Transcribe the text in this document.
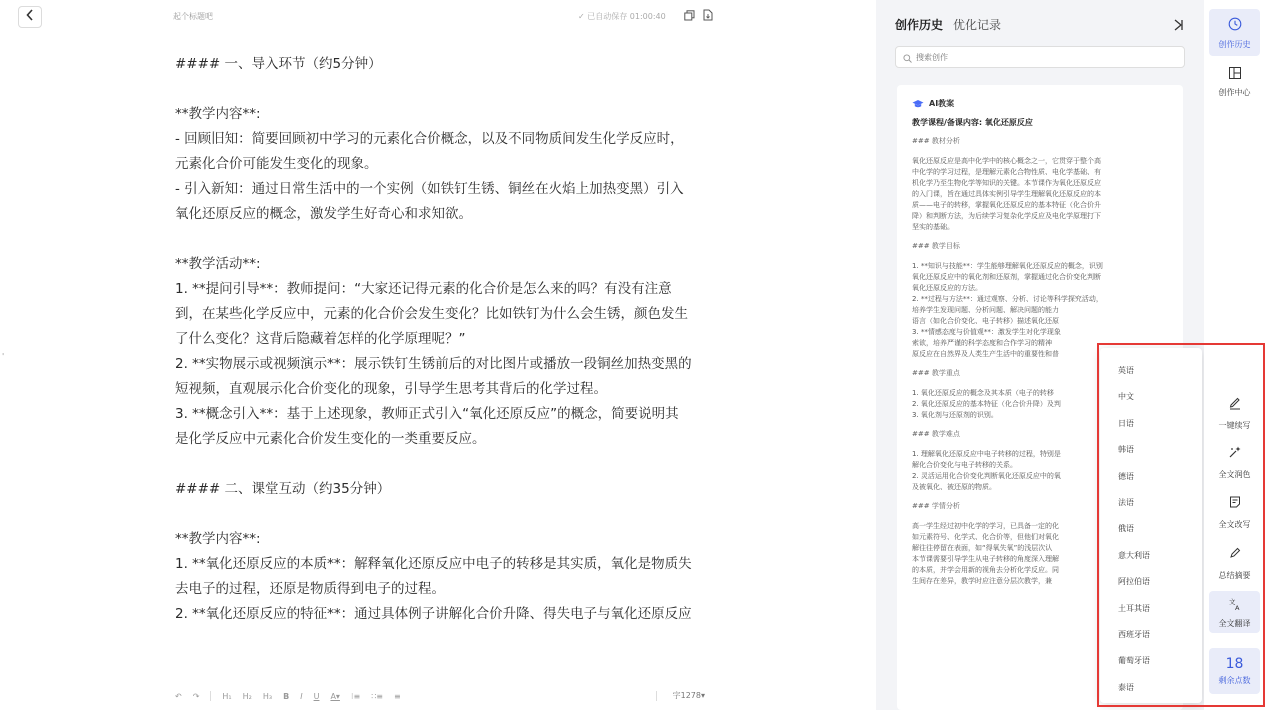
起个标题吧	✓ 已自动保存 01:00:40
#### 一、导入环节（约5分钟）
**教学内容**:
- 回顾旧知：简要回顾初中学习的元素化合价概念，以及不同物质间发生化学反应时，
元素化合价可能发生变化的现象。
- 引入新知：通过日常生活中的一个实例（如铁钉生锈、铜丝在火焰上加热变黑）引入
氧化还原反应的概念，激发学生好奇心和求知欲。
**教学活动**:
1. **提问引导**：教师提问：“大家还记得元素的化合价是怎么来的吗？有没有注意
到，在某些化学反应中，元素的化合价会发生变化？比如铁钉为什么会生锈，颜色发生
了什么变化？这背后隐藏着怎样的化学原理呢？”
2. **实物展示或视频演示**：展示铁钉生锈前后的对比图片或播放一段铜丝加热变黑的
短视频，直观展示化合价变化的现象，引导学生思考其背后的化学过程。
3. **概念引入**：基于上述现象，教师正式引入“氧化还原反应”的概念，简要说明其
是化学反应中元素化合价发生变化的一类重要反应。
#### 二、课堂互动（约35分钟）
**教学内容**:
1. **氧化还原反应的本质**：解释氧化还原反应中电子的转移是其实质，氧化是物质失
去电子的过程，还原是物质得到电子的过程。
2. **氧化还原反应的特征**：通过具体例子讲解化合价升降、得失电子与氧化还原反应
↶ ↷	H₁ H₂ H₃ B I U A▾ ⁝≡ ∷≡ ≡	字1278▾
'
创作历史 优化记录
搜索创作
AI教案
教学课程/备课内容: 氧化还原反应
### 教材分析
氧化还原反应是高中化学中的核心概念之一，它贯穿于整个高
中化学的学习过程，是理解元素化合物性质、电化学基础、有
机化学乃至生物化学等知识的关键。本节课作为氧化还原反应
的入门课，旨在通过具体实例引导学生理解氧化还原反应的本
质——电子的转移，掌握氧化还原反应的基本特征（化合价升
降）和判断方法，为后续学习复杂化学反应及电化学原理打下
坚实的基础。
### 教学目标
1. **知识与技能**：学生能够理解氧化还原反应的概念，识别
氧化还原反应中的氧化剂和还原剂，掌握通过化合价变化判断
氧化还原反应的方法。
2. **过程与方法**：通过观察、分析、讨论等科学探究活动，
培养学生发现问题、分析问题、解决问题的能力
语言（如化合价变化、电子转移）描述氧化还原
3. **情感态度与价值观**：激发学生对化学现象
索欲，培养严谨的科学态度和合作学习的精神
原反应在自然界及人类生产生活中的重要性和普
### 教学重点
1. 氧化还原反应的概念及其本质（电子的转移
2. 氧化还原反应的基本特征（化合价升降）及判
3. 氧化剂与还原剂的识别。
### 教学难点
1. 理解氧化还原反应中电子转移的过程，特别是
解化合价变化与电子转移的关系。
2. 灵活运用化合价变化判断氧化还原反应中的氧
及被氧化、被还原的物质。
### 学情分析
高一学生经过初中化学的学习，已具备一定的化
如元素符号、化学式、化合价等，但他们对氧化
解往往停留在表面，如“得氧失氧”的浅层次认
本节课需要引导学生从电子转移的角度深入理解
的本质，并学会用新的视角去分析化学反应。同
生间存在差异，教学时应注意分层次教学，兼
英语
中文
日语
韩语
德语
法语
俄语
意大利语
阿拉伯语
土耳其语
西班牙语
葡萄牙语
泰语
创作历史
创作中心
一键续写
全文润色
全文改写
总结摘要
文
A
全文翻译
18
剩余点数
